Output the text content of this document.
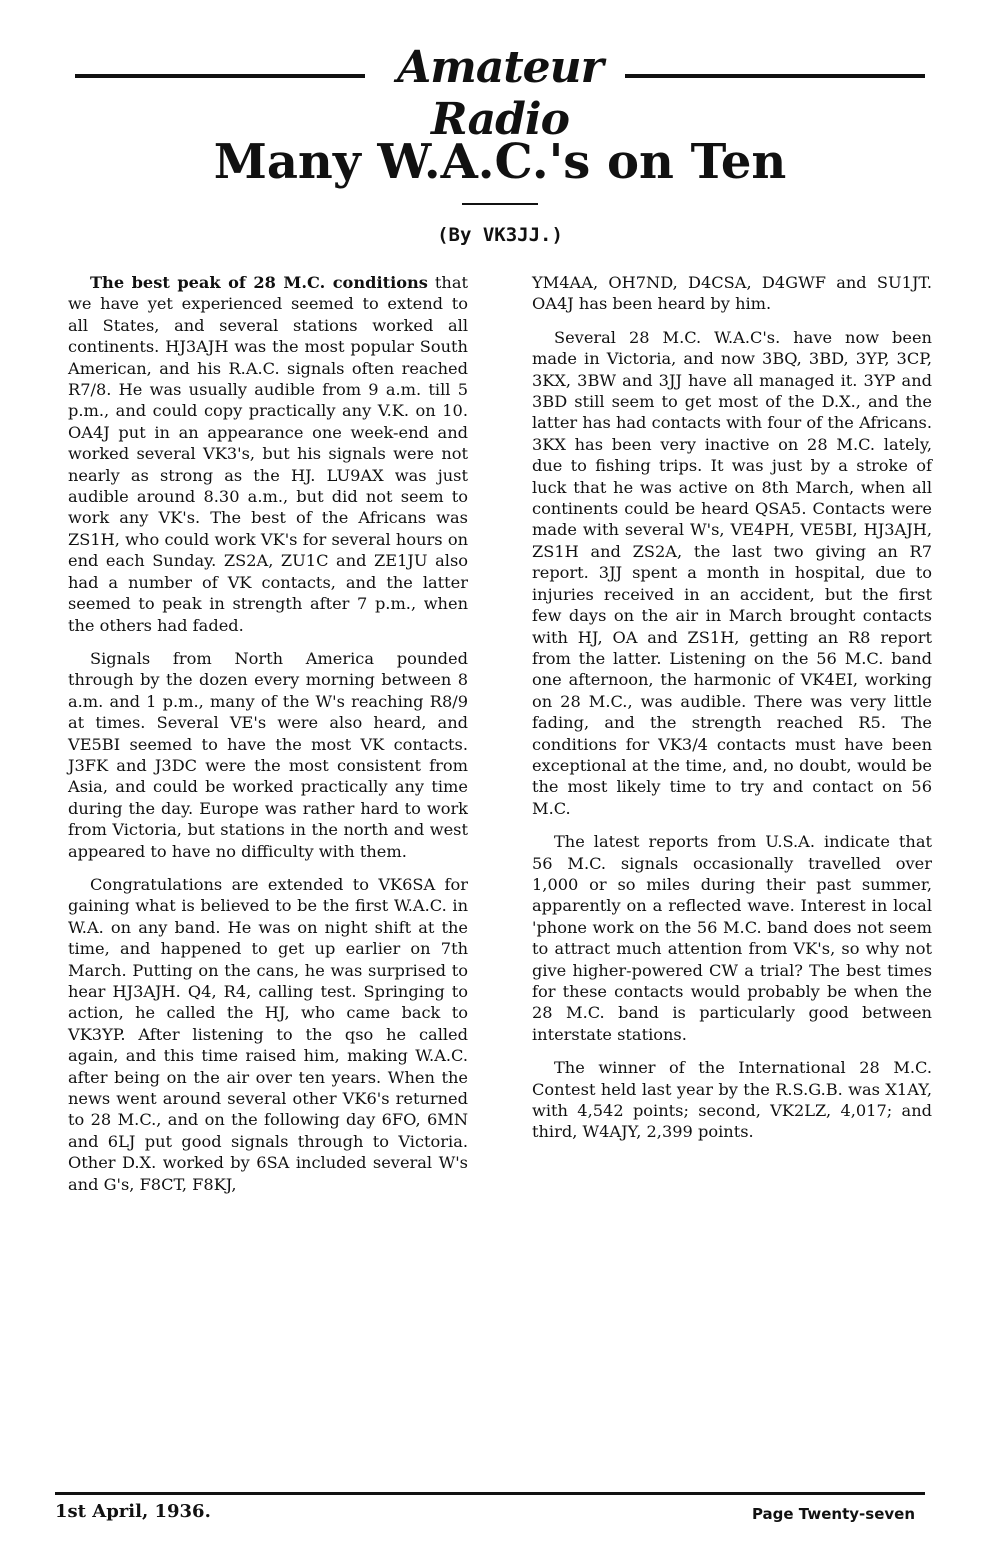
Amateur Radio
Many W.A.C.'s on Ten
(By VK3JJ.)

The best peak of 28 M.C. conditions that we have yet experienced seemed to extend to all States, and several stations worked all continents. HJ3AJH was the most popular South American, and his R.A.C. signals often reached R7/8. He was usually audible from 9 a.m. till 5 p.m., and could copy practically any V.K. on 10. OA4J put in an appearance one week-end and worked several VK3's, but his signals were not nearly as strong as the HJ. LU9AX was just audible around 8.30 a.m., but did not seem to work any VK's. The best of the Africans was ZS1H, who could work VK's for several hours on end each Sunday. ZS2A, ZU1C and ZE1JU also had a number of VK contacts, and the latter seemed to peak in strength after 7 p.m., when the others had faded.

Signals from North America pounded through by the dozen every morning between 8 a.m. and 1 p.m., many of the W's reaching R8/9 at times. Several VE's were also heard, and VE5BI seemed to have the most VK contacts. J3FK and J3DC were the most consistent from Asia, and could be worked practically any time during the day. Europe was rather hard to work from Victoria, but stations in the north and west appeared to have no difficulty with them.

Congratulations are extended to VK6SA for gaining what is believed to be the first W.A.C. in W.A. on any band. He was on night shift at the time, and happened to get up earlier on 7th March. Putting on the cans, he was surprised to hear HJ3AJH. Q4, R4, calling test. Springing to action, he called the HJ, who came back to VK3YP. After listening to the qso he called again, and this time raised him, making W.A.C. after being on the air over ten years. When the news went around several other VK6's returned to 28 M.C., and on the following day 6FO, 6MN and 6LJ put good signals through to Victoria. Other D.X. worked by 6SA included several W's and G's, F8CT, F8KJ,

YM4AA, OH7ND, D4CSA, D4GWF and SU1JT. OA4J has been heard by him.

Several 28 M.C. W.A.C's. have now been made in Victoria, and now 3BQ, 3BD, 3YP, 3CP, 3KX, 3BW and 3JJ have all managed it. 3YP and 3BD still seem to get most of the D.X., and the latter has had contacts with four of the Africans. 3KX has been very inactive on 28 M.C. lately, due to fishing trips. It was just by a stroke of luck that he was active on 8th March, when all continents could be heard QSA5. Contacts were made with several W's, VE4PH, VE5BI, HJ3AJH, ZS1H and ZS2A, the last two giving an R7 report. 3JJ spent a month in hospital, due to injuries received in an accident, but the first few days on the air in March brought contacts with HJ, OA and ZS1H, getting an R8 report from the latter. Listening on the 56 M.C. band one afternoon, the harmonic of VK4EI, working on 28 M.C., was audible. There was very little fading, and the strength reached R5. The conditions for VK3/4 contacts must have been exceptional at the time, and, no doubt, would be the most likely time to try and contact on 56 M.C.

The latest reports from U.S.A. indicate that 56 M.C. signals occasionally travelled over 1,000 or so miles during their past summer, apparently on a reflected wave. Interest in local 'phone work on the 56 M.C. band does not seem to attract much attention from VK's, so why not give higher-powered CW a trial? The best times for these contacts would probably be when the 28 M.C. band is particularly good between interstate stations.

The winner of the International 28 M.C. Contest held last year by the R.S.G.B. was X1AY, with 4,542 points; second, VK2LZ, 4,017; and third, W4AJY, 2,399 points.

1st April, 1936.	Page Twenty-seven
